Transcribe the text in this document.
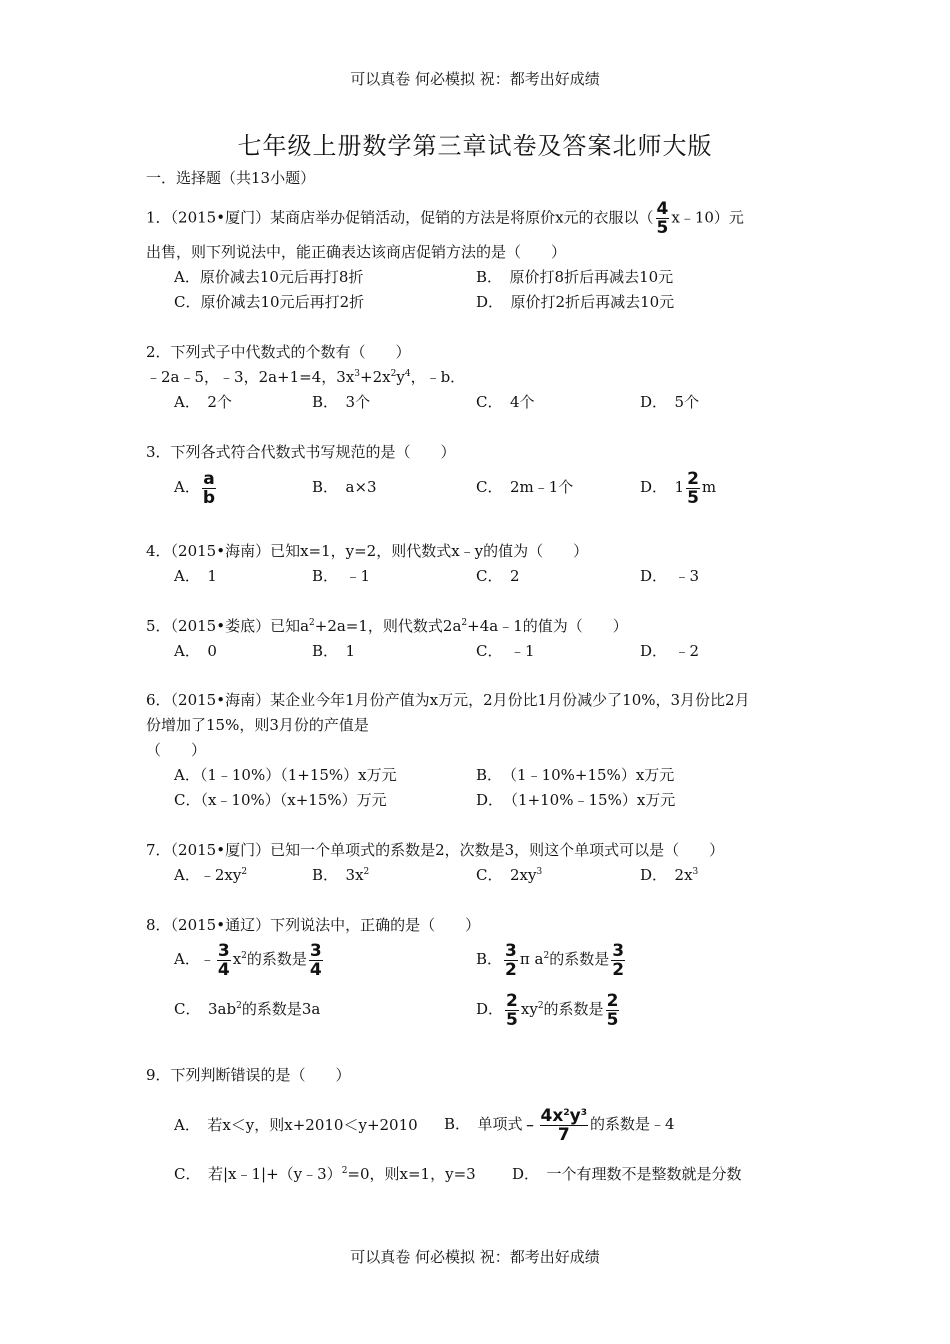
可以真卷 何必模拟 祝：都考出好成绩
七年级上册数学第三章试卷及答案北师大版
一．选择题（共13小题）
1．（2015•厦门）某商店举办促销活动，促销的方法是将原价x元的衣服以（ $\frac{4}{5}$ x﹣10）元
出售，则下列说法中，能正确表达该商店促销方法的是（　　）
A．原价减去10元后再打8折	B．　原价打8折后再减去10元
C．原价减去10元后再打2折	D．　原价打2折后再减去10元
2．下列式子中代数式的个数有（　　）
﹣2a﹣5，﹣3，2a+1=4，$3x^3+2x^2y^4$，﹣b．
A．　2个	B．　3个	C．　4个	D．　5个
3．下列各式符合代数式书写规范的是（　　）
A． $\frac{a}{b}$	B．　a×3	C．　2m﹣1个	D．　$1 \frac{2}{5}$ m
4．（2015•海南）已知x=1，y=2，则代数式x﹣y的值为（　　）
A．　1	B．　﹣1	C．　2	D．　﹣3
5．（2015•娄底）已知$a^2+2a=1$，则代数式$2a^2+4a﹣1$的值为（　　）
A．　0	B．　1	C．　﹣1	D．　﹣2
6．（2015•海南）某企业今年1月份产值为x万元，2月份比1月份减少了10%，3月份比2月
份增加了15%，则3月份的产值是
（　　）
A．（1﹣10%）（1+15%）x万元	B．　（1﹣10%+15%）x万元
C．（x﹣10%）（x+15%）万元	D．　（1+10%﹣15%）x万元
7．（2015•厦门）已知一个单项式的系数是2，次数是3，则这个单项式可以是（　　）
A．$﹣2xy^2$	B．　$3x^2$	C．　$2xy^3$	D．　$2x^3$
8．（2015•通辽）下列说法中，正确的是（　　）
A．﹣ $\frac{3}{4} x^2$的系数是 $\frac{3}{4}$	B． $\frac{3}{2}$ π $a^2$的系数是 $\frac{3}{2}$
C．　$3ab^2$的系数是3a	D． $\frac{2}{5} xy^2$的系数是 $\frac{2}{5}$
9．下列判断错误的是（　　）
A．　若x＜y，则x+2010＜y+2010 B．　单项式﹣ $\frac{4x^2y^3}{7}$ 的系数是﹣4
C．　若|x﹣1|+（y﹣3）$^2$=0，则x=1，y=3 D．　一个有理数不是整数就是分数
可以真卷 何必模拟 祝：都考出好成绩
